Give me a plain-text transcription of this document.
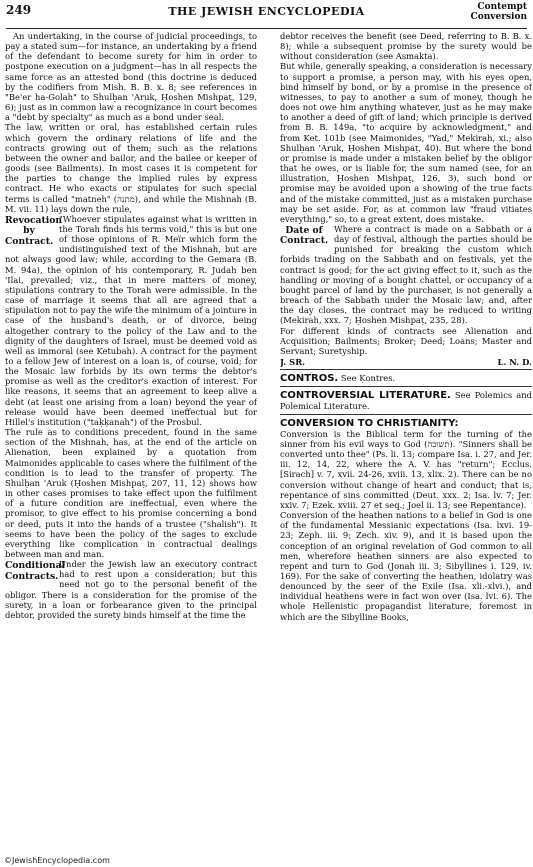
249	THE JEWISH ENCYCLOPEDIA	Contempt
Conversion

An undertaking, in the course of judicial proceedings, to pay a stated sum—for instance, an undertaking by a friend of the defendant to become surety for him in order to postpone execution on a judgment—has in all respects the same force as an attested bond (this doctrine is deduced by the codifiers from Mish. B. B. x. 8; see references in "Be'er ha-Golah" to Shulḥan 'Aruk, Ḥoshen Mishpaṭ, 129, 6); just as in common law a recognizance in court becomes a "debt by specialty" as much as a bond under seal.

The law, written or oral, has established certain rules which govern the ordinary relations of life and the contracts growing out of them; such as the relations between the owner and bailor, and the bailee or keeper of goods (see Bailments). In most cases it is competent for the parties to change the implied rules by express contract. He who exacts or stipulates for such special terms is called "matneh" (מתנה), and while the Mishnah (B. M. vii. 11) lays down the rule,

Revocation by Contract.
"Whoever stipulates against what is written in the Torah finds his terms void," this is but one of those opinions of R. Meïr which form the undistinguished text of the Mishnah, but are not always good law; while, according to the Gemara (B. M. 94a), the opinion of his contemporary, R. Judah ben 'Ilai, prevailed; viz., that in mere matters of money, stipulations contrary to the Torah were admissible. In the case of marriage it seems that all are agreed that a stipulation not to pay the wife the minimum of a jointure in case of the husband's death, or of divorce, being altogether contrary to the policy of the Law and to the dignity of the daughters of Israel, must be deemed void as well as immoral (see Ketubah). A contract for the payment to a fellow Jew of interest on a loan is, of course, void; for the Mosaic law forbids by its own terms the debtor's promise as well as the creditor's exaction of interest. For like reasons, it seems that an agreement to keep alive a debt (at least one arising from a loan) beyond the year of release would have been deemed ineffectual but for Hillel's institution ("taḳḳanah") of the Prosbul.

The rule as to conditions precedent, found in the same section of the Mishnah, has, at the end of the article on Alienation, been explained by a quotation from Maimonides applicable to cases where the fulfilment of the condition is to lead to the transfer of property. The Shulḥan 'Aruk (Ḥoshen Mishpaṭ, 207, 11, 12) shows how in other cases promises to take effect upon the fulfilment of a future condition are ineffectual, even where the promisor, to give effect to his promise concerning a bond or deed, puts it into the hands of a trustee ("shalish"). It seems to have been the policy of the sages to exclude everything like complication in contractual dealings between man and man.

Conditional Contracts.

Under the Jewish law an executory contract had to rest upon a consideration; but this need not go to the personal benefit of the obligor. There is a consideration for the promise of the surety, in a loan or forbearance given to the principal debtor, provided the surety binds himself at the time the

debtor receives the benefit (see Deed, referring to B. B. x. 8); while a subsequent promise by the surety would be without consideration (see Asmakta).

But while, generally speaking, a consideration is necessary to support a promise, a person may, with his eyes open, bind himself by bond, or by a promise in the presence of witnesses, to pay to another a sum of money, though he does not owe him anything whatever, just as he may make to another a deed of gift of land; which principle is derived from B. B. 149a, "to acquire by acknowledgment," and from Ket. 101b (see Maimonides, "Yad," Mekirah, xi.; also Shulḥan 'Aruk, Ḥoshen Mishpaṭ, 40). But where the bond or promise is made under a mistaken belief by the obligor that he owes, or is liable for, the sum named (see, for an illustration, Ḥoshen Mishpaṭ, 126, 3), such bond or promise may be avoided upon a showing of the true facts and of the mistake committed, just as a mistaken purchase may be set aside. For, as at common law "fraud vitiates everything," so, to a great extent, does mistake.

Date of Contract.
Where a contract is made on a Sabbath or a day of festival, although the parties should be punished for breaking the custom which forbids trading on the Sabbath and on festivals, yet the contract is good; for the act giving effect to it, such as the handling or moving of a bought chattel, or occupancy of a bought parcel of land by the purchaser, is not generally a breach of the Sabbath under the Mosaic law; and, after the day closes, the contract may be reduced to writing (Mekirah, xxx. 7; Ḥoshen Mishpaṭ, 235, 28).

For different kinds of contracts see Alienation and Acquisition; Bailments; Broker; Deed; Loans; Master and Servant; Suretyship.

J. SR.	L. N. D.

CONTROS. See Ḳontres.

CONTROVERSIAL LITERATURE. See Polemics and Polemical Literature.

CONVERSION TO CHRISTIANITY:

Conversion is the Biblical term for the turning of the sinner from his evil ways to God (תשובה). "Sinners shall be converted unto thee" (Ps. li. 13; compare Isa. i. 27, and Jer. iii. 12, 14, 22, where the A. V. has "return"; Ecclus. [Sirach] v. 7, xvii. 24-26, xviii. 13, xlix. 2). There can be no conversion without change of heart and conduct; that is, repentance of sins committed (Deut. xxx. 2; Isa. lv. 7; Jer. xxiv. 7; Ezek. xviii. 27 et seq.; Joel ii. 13; see Repentance).

Conversion of the heathen nations to a belief in God is one of the fundamental Messianic expectations (Isa. lxvi. 19-23; Zeph. iii. 9; Zech. xiv. 9), and it is based upon the conception of an original revelation of God common to all men, wherefore heathen sinners are also expected to repent and turn to God (Jonah iii. 3; Sibyllines i. 129, iv. 169). For the sake of converting the heathen, idolatry was denounced by the seer of the Exile (Isa. xli.-xlvi.), and individual heathens were in fact won over (Isa. lvi. 6). The whole Hellenistic propagandist literature, foremost in which are the Sibylline Books,

©JewishEncyclopedia.com
